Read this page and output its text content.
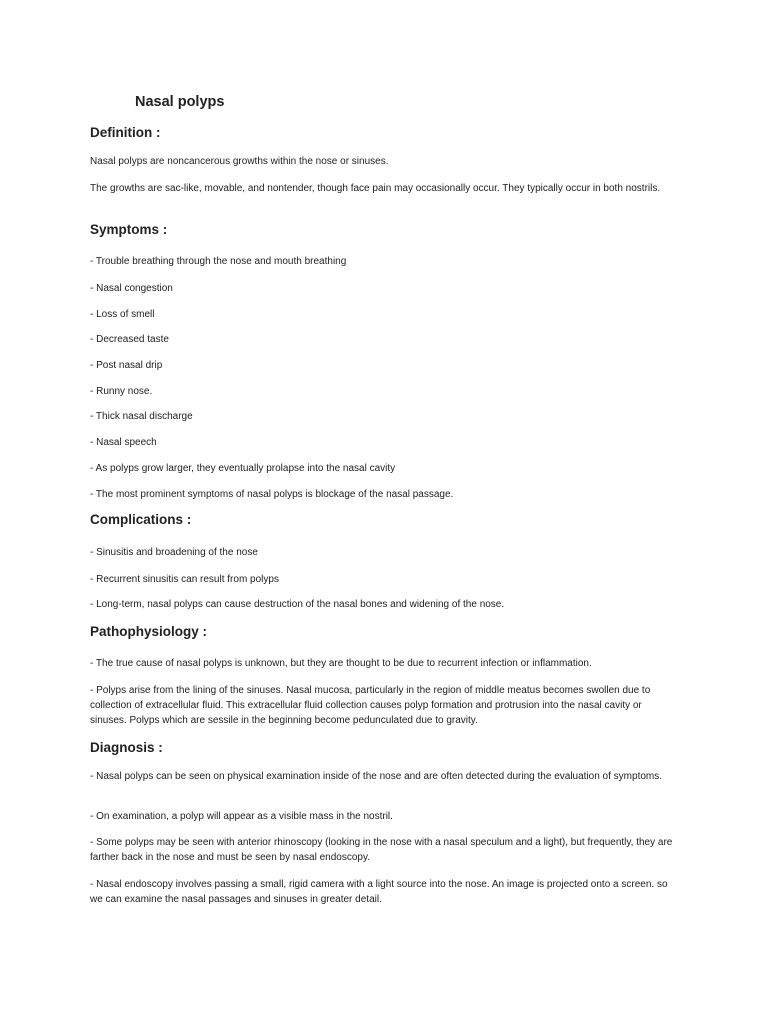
Nasal polyps
Definition :
Nasal polyps are noncancerous growths within the nose or sinuses.
The growths are sac-like, movable, and nontender, though face pain may occasionally occur. They typically occur in both nostrils.
Symptoms :
- Trouble breathing through the nose and mouth breathing
- Nasal congestion
- Loss of smell
- Decreased taste
- Post nasal drip
- Runny nose.
- Thick nasal discharge
- Nasal speech
- As polyps grow larger, they eventually prolapse into the nasal cavity
- The most prominent symptoms of nasal polyps is blockage of the nasal passage.
Complications :
- Sinusitis and broadening of the nose
- Recurrent sinusitis can result from polyps
- Long-term, nasal polyps can cause destruction of the nasal bones and widening of the nose.
Pathophysiology :
- The true cause of nasal polyps is unknown, but they are thought to be due to recurrent infection or inflammation.
- Polyps arise from the lining of the sinuses. Nasal mucosa, particularly in the region of middle meatus becomes swollen due to collection of extracellular fluid. This extracellular fluid collection causes polyp formation and protrusion into the nasal cavity or sinuses. Polyps which are sessile in the beginning become pedunculated due to gravity.
Diagnosis :
- Nasal polyps can be seen on physical examination inside of the nose and are often detected during the evaluation of symptoms.
- On examination, a polyp will appear as a visible mass in the nostril.
- Some polyps may be seen with anterior rhinoscopy (looking in the nose with a nasal speculum and a light), but frequently, they are farther back in the nose and must be seen by nasal endoscopy.
- Nasal endoscopy involves passing a small, rigid camera with a light source into the nose. An image is projected onto a screen. so we can examine the nasal passages and sinuses in greater detail.
